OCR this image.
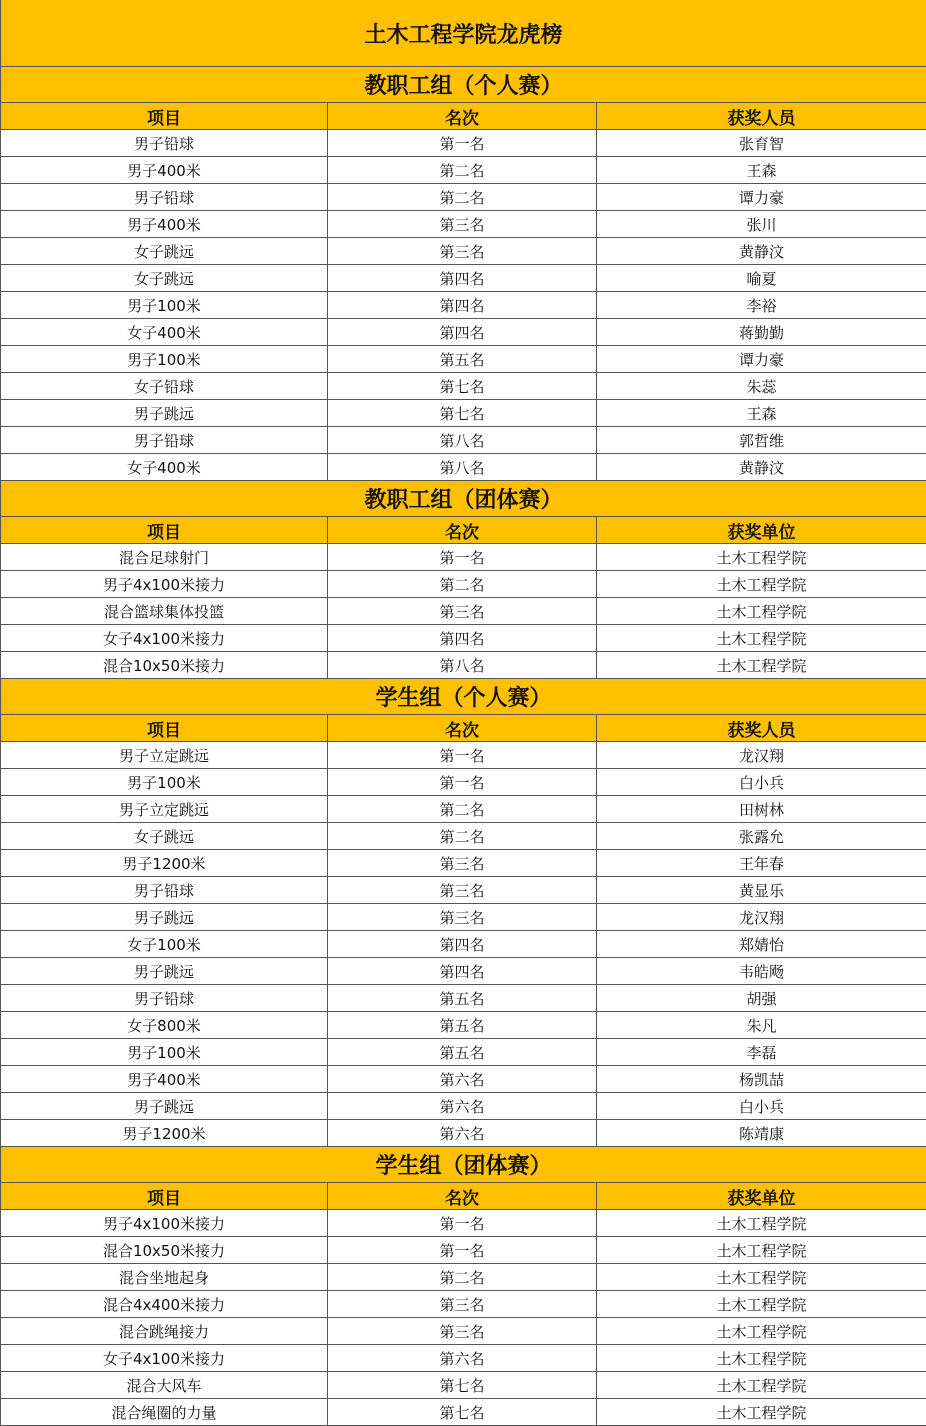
土木工程学院龙虎榜		
教职工组（个人赛）		
项目	名次	获奖人员
男子铅球	第一名	张育智
男子400米	第二名	王森
男子铅球	第二名	谭力豪
男子400米	第三名	张川
女子跳远	第三名	黄静汶
女子跳远	第四名	喻夏
男子100米	第四名	李裕
女子400米	第四名	蒋勤勤
男子100米	第五名	谭力豪
女子铅球	第七名	朱蕊
男子跳远	第七名	王森
男子铅球	第八名	郭哲维
女子400米	第八名	黄静汶
教职工组（团体赛）		
项目	名次	获奖单位
混合足球射门	第一名	土木工程学院
男子4x100米接力	第二名	土木工程学院
混合篮球集体投篮	第三名	土木工程学院
女子4x100米接力	第四名	土木工程学院
混合10x50米接力	第八名	土木工程学院
学生组（个人赛）		
项目	名次	获奖人员
男子立定跳远	第一名	龙汉翔
男子100米	第一名	白小兵
男子立定跳远	第二名	田树林
女子跳远	第二名	张露允
男子1200米	第三名	王年春
男子铅球	第三名	黄显乐
男子跳远	第三名	龙汉翔
女子100米	第四名	郑婧怡
男子跳远	第四名	韦皓飏
男子铅球	第五名	胡强
女子800米	第五名	朱凡
男子100米	第五名	李磊
男子400米	第六名	杨凯喆
男子跳远	第六名	白小兵
男子1200米	第六名	陈靖康
学生组（团体赛）		
项目	名次	获奖单位
男子4x100米接力	第一名	土木工程学院
混合10x50米接力	第一名	土木工程学院
混合坐地起身	第二名	土木工程学院
混合4x400米接力	第三名	土木工程学院
混合跳绳接力	第三名	土木工程学院
女子4x100米接力	第六名	土木工程学院
混合大风车	第七名	土木工程学院
混合绳圈的力量	第七名	土木工程学院
